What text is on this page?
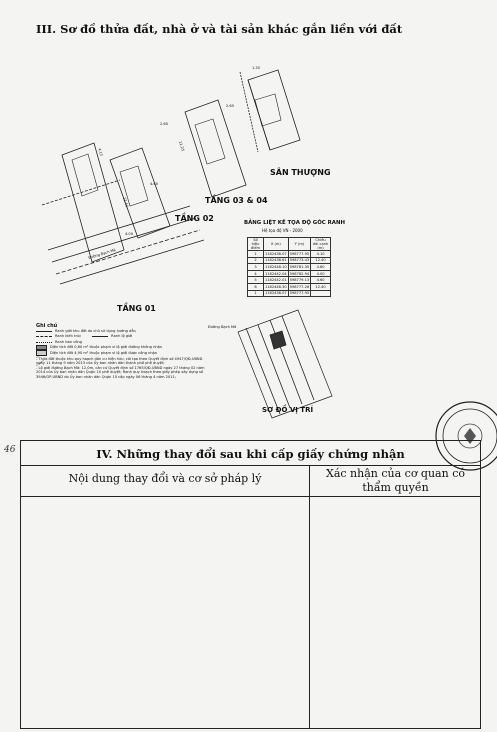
III. Sơ đồ thửa đất, nhà ở và tài sản khác gắn liền với đất
SÂN THƯỢNG
TẦNG 03 & 04
TẦNG 02
TẦNG 01
Đường Bạch Mã
4.10
4.00
12.40
11.25
4.60
1.35
2.65
2.60
BẢNG LIỆT KÊ TỌA ĐỘ GÓC RANH
Hệ tọa độ VN - 2000
Số hiệu điểm	X (m)	Y (m)	Chiều dài cạnh (m)
1	1182438.07	598777.95	4.10
2	1182438.61	598773.43	12.40
3	1182448.10	598781.30	4.60
4	1182442.04	598782.94	4.00
5	1182442.01	598779.13	4.60
6	1182448.30	598777.26	12.40
1	1182438.07	598777.95	
Đường Bạch Mã
SƠ ĐỒ VỊ TRÍ
Ghi chú
Ranh giới khu đất do chủ sử dụng hướng dẫn
Ranh kiến trúc	Ranh lộ giới
Ranh ban công
Diện tích đất 0,60 m² thuộc phạm vi lộ giới đường không nhận
Diện tích đất 4,90 m² thuộc phạm vi lộ giới được công nhận
- Thửa đất thuộc khu quy hoạch dân cư hiện hữu, cải tạo theo Quyết định số 4947/QĐ-UBND ngày 11 tháng 9 năm 2013 của Ủy ban nhân dân thành phố phê duyệt;
- Lộ giới đường Bạch Mã: 12,0m, căn cứ Quyết định số 1765/QĐ-UBND ngày 27 tháng 02 năm 2014 của Ủy ban nhân dân Quận 10 phê duyệt; Ranh quy hoạch theo giấy phép xây dựng số 3946/GP-UBND do Ủy ban nhân dân Quận 10 cấp ngày 06 tháng 4 năm 2011;
46	IV. Những thay đổi sau khi cấp giấy chứng nhận
Nội dung thay đổi và cơ sở pháp lý	Xác nhận của cơ quan có thẩm quyền
